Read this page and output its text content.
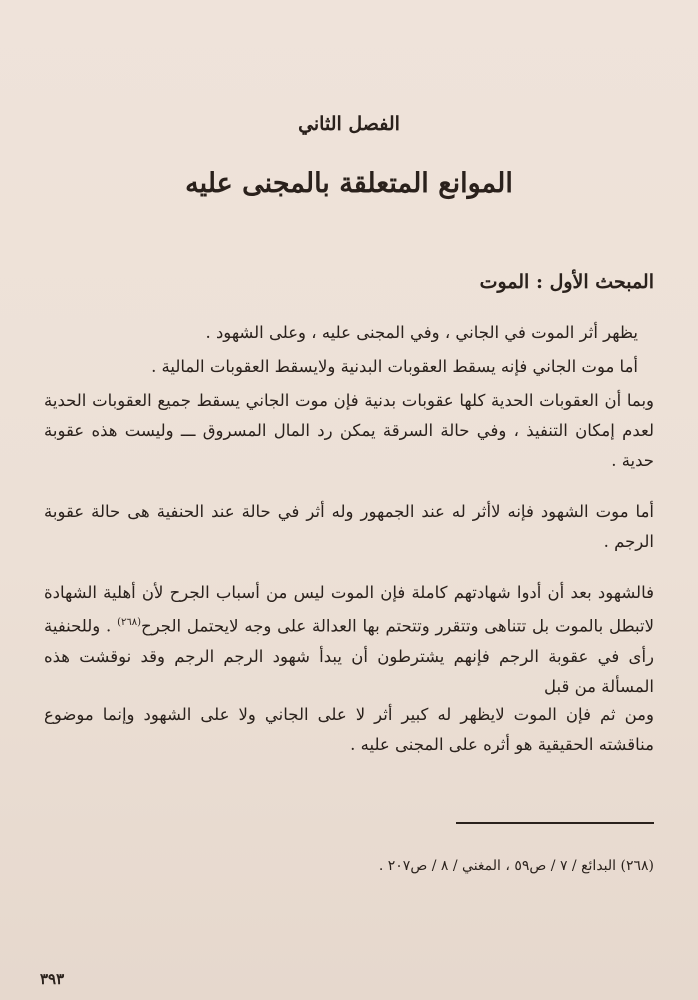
الفصل الثاني
الموانع المتعلقة بالمجنى عليه
المبحث الأول : الموت
يظهر أثر الموت في الجاني ، وفي المجنى عليه ، وعلى الشهود .
أما موت الجاني فإنه يسقط العقوبات البدنية ولايسقط العقوبات المالية .
وبما أن العقوبات الحدية كلها عقوبات بدنية فإن موت الجاني يسقط جميع العقوبات الحدية لعدم إمكان التنفيذ ، وفي حالة السرقة يمكن رد المال المسروق ـــ وليست هذه عقوبة حدية .
أما موت الشهود فإنه لاأثر له عند الجمهور وله أثر في حالة عند الحنفية هى حالة عقوبة الرجم .
فالشهود بعد أن أدوا شهادتهم كاملة فإن الموت ليس من أسباب الجرح لأن أهلية الشهادة لاتبطل بالموت بل تتناهى وتتقرر وتتحتم بها العدالة على وجه لايحتمل الجرح$^{(٢٦٨)}$ . وللحنفية رأى في عقوبة الرجم فإنهم يشترطون أن يبدأ شهود الرجم الرجم وقد نوقشت هذه المسألة من قبل
ومن ثم فإن الموت لايظهر له كبير أثر لا على الجاني ولا على الشهود وإنما موضوع مناقشته الحقيقية هو أثره على المجنى عليه .
(٢٦٨) البدائع / ٧ / ص٥٩ ، المغني / ٨ / ص٢٠٧ .
٣٩٣
